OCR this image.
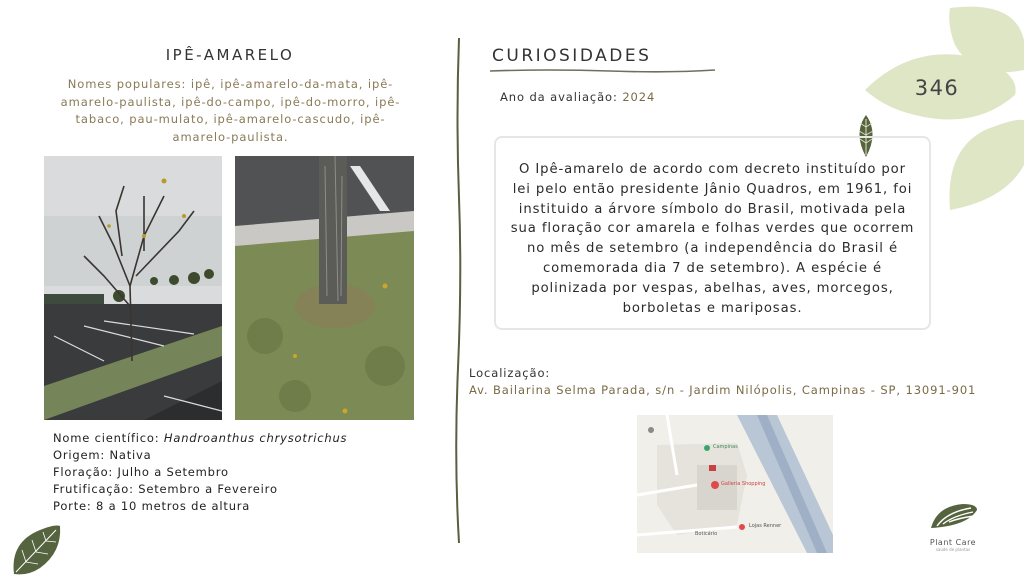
IPÊ-AMARELO
Nomes populares: ipê, ipê-amarelo-da-mata, ipê-amarelo-paulista, ipê-do-campo, ipê-do-morro, ipê-tabaco, pau-mulato, ipê-amarelo-cascudo, ipê-amarelo-paulista.
Nome científico: Handroanthus chrysotrichus
Origem: Nativa
Floração: Julho a Setembro
Frutificação: Setembro a Fevereiro
Porte: 8 a 10 metros de altura
CURIOSIDADES
Ano da avaliação: 2024	346

O Ipê-amarelo de acordo com decreto instituído por lei pelo então presidente Jânio Quadros, em 1961, foi instituido a árvore símbolo do Brasil, motivada pela sua floração cor amarela e folhas verdes que ocorrem no mês de setembro (a independência do Brasil é comemorada dia 7 de setembro). A espécie é polinizada por vespas, abelhas, aves, morcegos, borboletas e mariposas.

Localização:
Av. Bailarina Selma Parada, s/n - Jardim Nilópolis, Campinas - SP, 13091-901
Galleria Shopping
Campinas
Boticário
Lojas Renner
Plant Care
saúde de plantas
